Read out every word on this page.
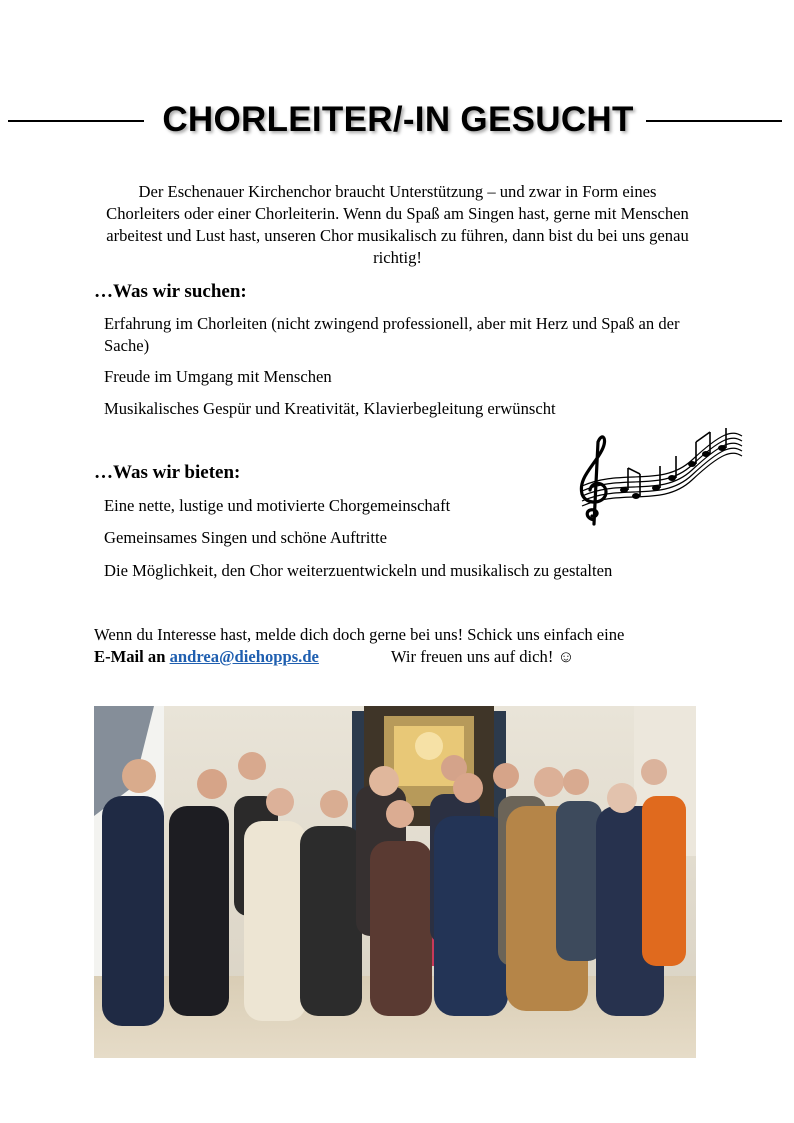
CHORLEITER/-IN GESUCHT
Der Eschenauer Kirchenchor braucht Unterstützung – und zwar in Form eines Chorleiters oder einer Chorleiterin. Wenn du Spaß am Singen hast, gerne mit Menschen arbeitest und Lust hast, unseren Chor musikalisch zu führen, dann bist du bei uns genau richtig!
…Was wir suchen:
Erfahrung im Chorleiten (nicht zwingend professionell, aber mit Herz und Spaß an der Sache)
Freude im Umgang mit Menschen
Musikalisches Gespür und Kreativität, Klavierbegleitung erwünscht
…Was wir bieten:
Eine nette, lustige und motivierte Chorgemeinschaft
Gemeinsames Singen und schöne Auftritte
Die Möglichkeit, den Chor weiterzuentwickeln und musikalisch zu gestalten
Wenn du Interesse hast, melde dich doch gerne bei uns! Schick uns einfach eine
E-Mail an andrea@diehopps.de	Wir freuen uns auf dich! ☺
